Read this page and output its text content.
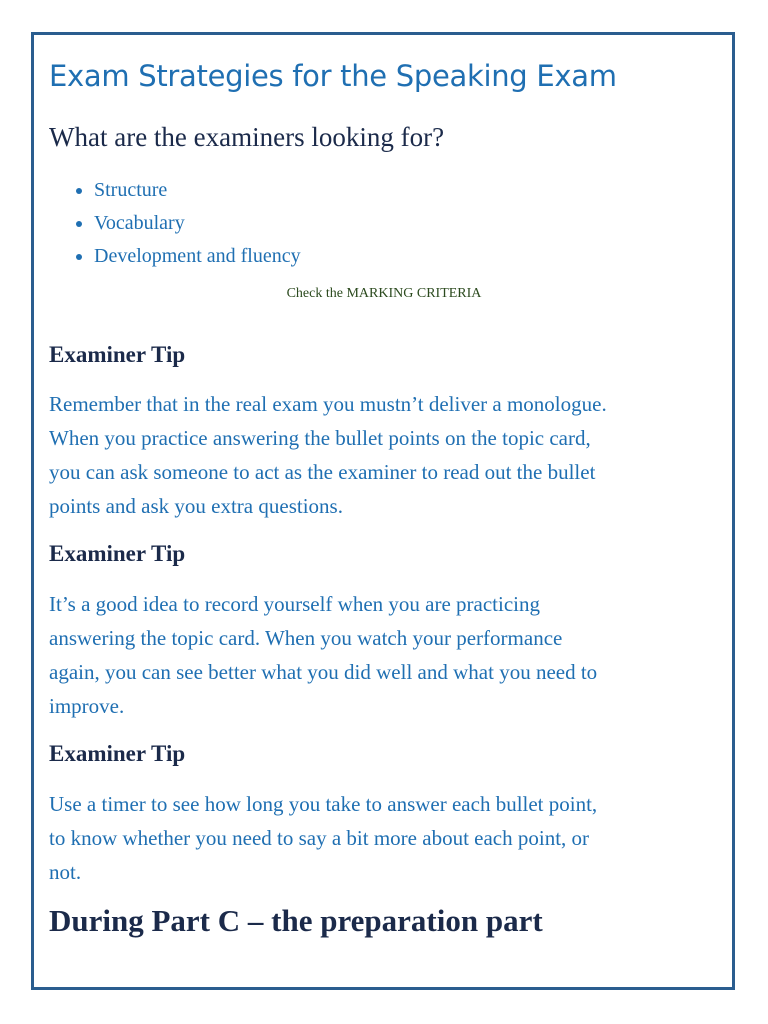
Exam Strategies for the Speaking Exam
What are the examiners looking for?
• Structure
• Vocabulary
• Development and fluency

Check the MARKING CRITERIA

Examiner Tip

Remember that in the real exam you mustn’t deliver a monologue.
When you practice answering the bullet points on the topic card,
you can ask someone to act as the examiner to read out the bullet
points and ask you extra questions.

Examiner Tip

It’s a good idea to record yourself when you are practicing
answering the topic card. When you watch your performance
again, you can see better what you did well and what you need to
improve.

Examiner Tip

Use a timer to see how long you take to answer each bullet point,
to know whether you need to say a bit more about each point, or
not.

During Part C – the preparation part
